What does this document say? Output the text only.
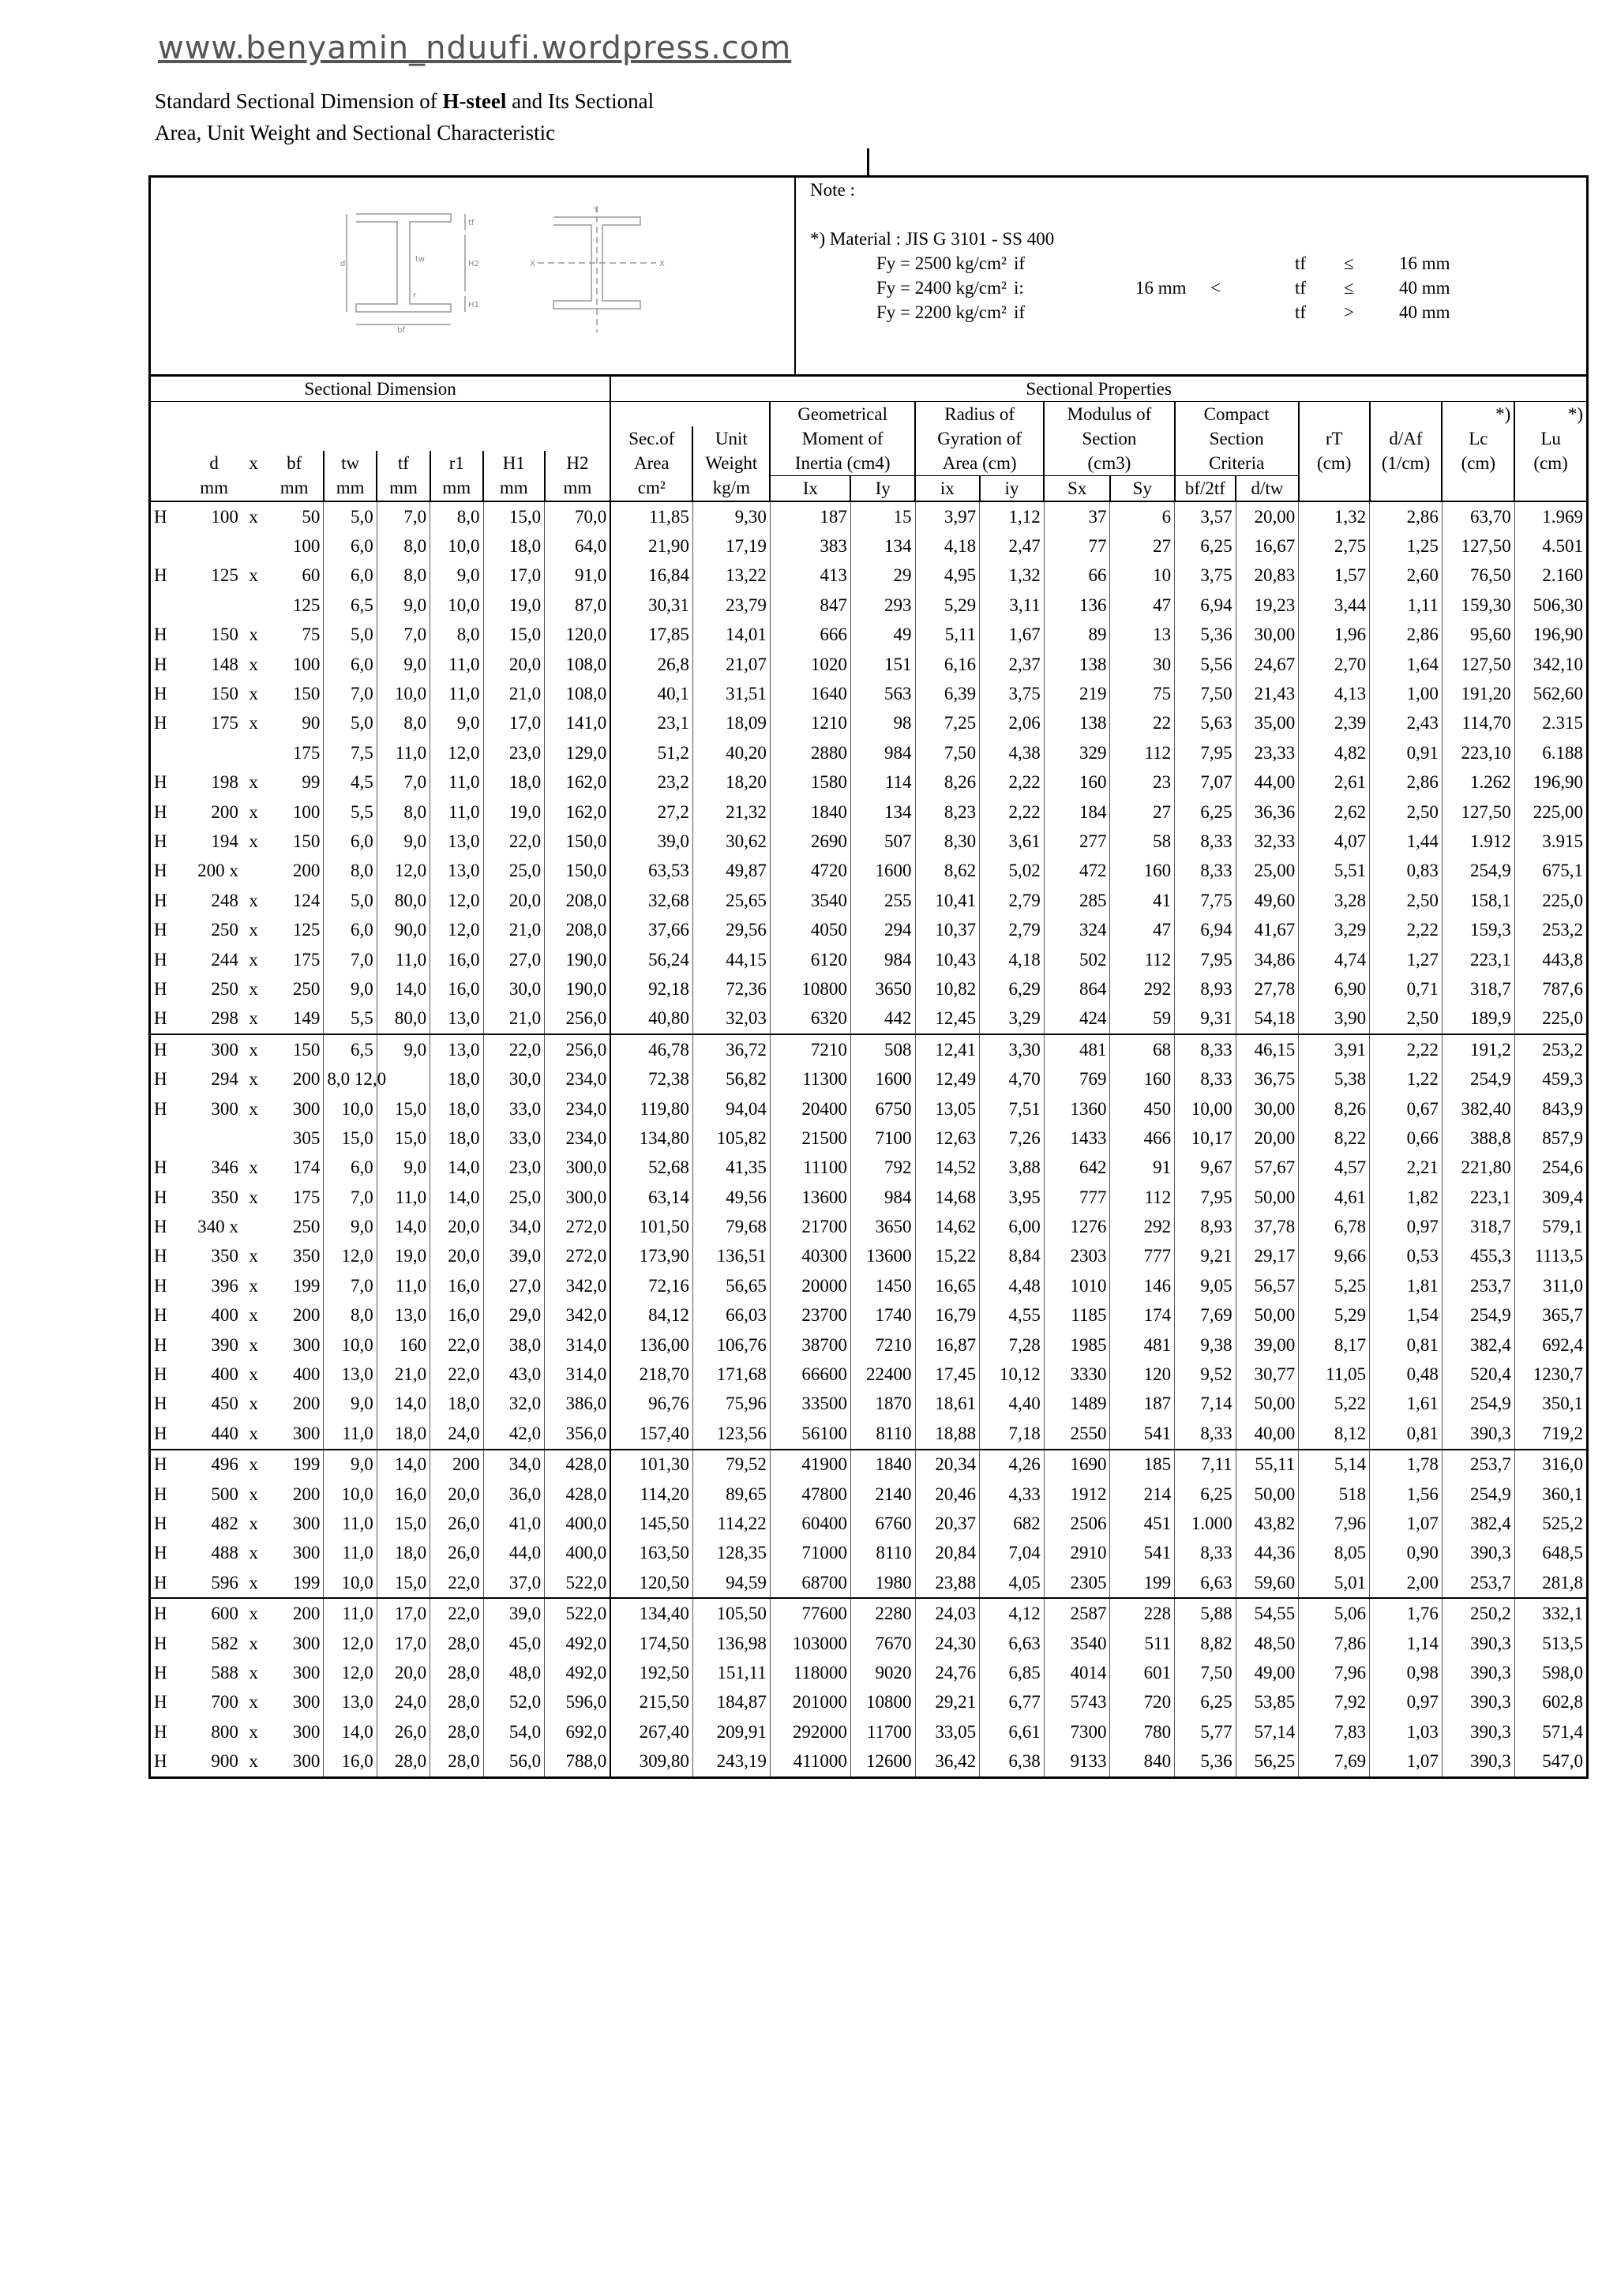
www.benyamin_nduufi.wordpress.com
Standard Sectional Dimension of H-steel and Its Sectional
Area, Unit Weight and Sectional Characteristic
d
tw
bf
tf
H2
H1
r
X	X
Y
Note :
*) Material : JIS G 3101 - SS 400
Fy = 2500 kg/cm² if	tf ≤ 16 mm
Fy = 2400 kg/cm² i:	16 mm <	tf ≤ 40 mm
Fy = 2200 kg/cm² if	tf > 40 mm
Sectional Dimension									Sectional Properties													
											Geometrical		Radius of		Modulus of		Compact				*)	*)
									Sec.of	Unit	Moment of		Gyration of		Section		Section		rT	d/Af	Lc	Lu
	d	x	bf	tw	tf	r1	H1	H2	Area	Weight	Inertia (cm4)		Area (cm)		(cm3)		Criteria		(cm)	(1/cm)	(cm)	(cm)
	mm		mm	mm	mm	mm	mm	mm	cm²	kg/m	Ix	Iy	ix	iy	Sx	Sy	bf/2tf	d/tw				
H	100	x	50	5,0	7,0	8,0	15,0	70,0	11,85	9,30	187	15	3,97	1,12	37	6	3,57	20,00	1,32	2,86	63,70	1.969
			100	6,0	8,0	10,0	18,0	64,0	21,90	17,19	383	134	4,18	2,47	77	27	6,25	16,67	2,75	1,25	127,50	4.501
H	125	x	60	6,0	8,0	9,0	17,0	91,0	16,84	13,22	413	29	4,95	1,32	66	10	3,75	20,83	1,57	2,60	76,50	2.160
			125	6,5	9,0	10,0	19,0	87,0	30,31	23,79	847	293	5,29	3,11	136	47	6,94	19,23	3,44	1,11	159,30	506,30
H	150	x	75	5,0	7,0	8,0	15,0	120,0	17,85	14,01	666	49	5,11	1,67	89	13	5,36	30,00	1,96	2,86	95,60	196,90
H	148	x	100	6,0	9,0	11,0	20,0	108,0	26,8	21,07	1020	151	6,16	2,37	138	30	5,56	24,67	2,70	1,64	127,50	342,10
H	150	x	150	7,0	10,0	11,0	21,0	108,0	40,1	31,51	1640	563	6,39	3,75	219	75	7,50	21,43	4,13	1,00	191,20	562,60
H	175	x	90	5,0	8,0	9,0	17,0	141,0	23,1	18,09	1210	98	7,25	2,06	138	22	5,63	35,00	2,39	2,43	114,70	2.315
			175	7,5	11,0	12,0	23,0	129,0	51,2	40,20	2880	984	7,50	4,38	329	112	7,95	23,33	4,82	0,91	223,10	6.188
H	198	x	99	4,5	7,0	11,0	18,0	162,0	23,2	18,20	1580	114	8,26	2,22	160	23	7,07	44,00	2,61	2,86	1.262	196,90
H	200	x	100	5,5	8,0	11,0	19,0	162,0	27,2	21,32	1840	134	8,23	2,22	184	27	6,25	36,36	2,62	2,50	127,50	225,00
H	194	x	150	6,0	9,0	13,0	22,0	150,0	39,0	30,62	2690	507	8,30	3,61	277	58	8,33	32,33	4,07	1,44	1.912	3.915
H	200 x		200	8,0	12,0	13,0	25,0	150,0	63,53	49,87	4720	1600	8,62	5,02	472	160	8,33	25,00	5,51	0,83	254,9	675,1
H	248	x	124	5,0	80,0	12,0	20,0	208,0	32,68	25,65	3540	255	10,41	2,79	285	41	7,75	49,60	3,28	2,50	158,1	225,0
H	250	x	125	6,0	90,0	12,0	21,0	208,0	37,66	29,56	4050	294	10,37	2,79	324	47	6,94	41,67	3,29	2,22	159,3	253,2
H	244	x	175	7,0	11,0	16,0	27,0	190,0	56,24	44,15	6120	984	10,43	4,18	502	112	7,95	34,86	4,74	1,27	223,1	443,8
H	250	x	250	9,0	14,0	16,0	30,0	190,0	92,18	72,36	10800	3650	10,82	6,29	864	292	8,93	27,78	6,90	0,71	318,7	787,6
H	298	x	149	5,5	80,0	13,0	21,0	256,0	40,80	32,03	6320	442	12,45	3,29	424	59	9,31	54,18	3,90	2,50	189,9	225,0
H	300	x	150	6,5	9,0	13,0	22,0	256,0	46,78	36,72	7210	508	12,41	3,30	481	68	8,33	46,15	3,91	2,22	191,2	253,2
H	294	x	200	8,0 12,0		18,0	30,0	234,0	72,38	56,82	11300	1600	12,49	4,70	769	160	8,33	36,75	5,38	1,22	254,9	459,3
H	300	x	300	10,0	15,0	18,0	33,0	234,0	119,80	94,04	20400	6750	13,05	7,51	1360	450	10,00	30,00	8,26	0,67	382,40	843,9
			305	15,0	15,0	18,0	33,0	234,0	134,80	105,82	21500	7100	12,63	7,26	1433	466	10,17	20,00	8,22	0,66	388,8	857,9
H	346	x	174	6,0	9,0	14,0	23,0	300,0	52,68	41,35	11100	792	14,52	3,88	642	91	9,67	57,67	4,57	2,21	221,80	254,6
H	350	x	175	7,0	11,0	14,0	25,0	300,0	63,14	49,56	13600	984	14,68	3,95	777	112	7,95	50,00	4,61	1,82	223,1	309,4
H	340 x		250	9,0	14,0	20,0	34,0	272,0	101,50	79,68	21700	3650	14,62	6,00	1276	292	8,93	37,78	6,78	0,97	318,7	579,1
H	350	x	350	12,0	19,0	20,0	39,0	272,0	173,90	136,51	40300	13600	15,22	8,84	2303	777	9,21	29,17	9,66	0,53	455,3	1113,5
H	396	x	199	7,0	11,0	16,0	27,0	342,0	72,16	56,65	20000	1450	16,65	4,48	1010	146	9,05	56,57	5,25	1,81	253,7	311,0
H	400	x	200	8,0	13,0	16,0	29,0	342,0	84,12	66,03	23700	1740	16,79	4,55	1185	174	7,69	50,00	5,29	1,54	254,9	365,7
H	390	x	300	10,0	160	22,0	38,0	314,0	136,00	106,76	38700	7210	16,87	7,28	1985	481	9,38	39,00	8,17	0,81	382,4	692,4
H	400	x	400	13,0	21,0	22,0	43,0	314,0	218,70	171,68	66600	22400	17,45	10,12	3330	120	9,52	30,77	11,05	0,48	520,4	1230,7
H	450	x	200	9,0	14,0	18,0	32,0	386,0	96,76	75,96	33500	1870	18,61	4,40	1489	187	7,14	50,00	5,22	1,61	254,9	350,1
H	440	x	300	11,0	18,0	24,0	42,0	356,0	157,40	123,56	56100	8110	18,88	7,18	2550	541	8,33	40,00	8,12	0,81	390,3	719,2
H	496	x	199	9,0	14,0	200	34,0	428,0	101,30	79,52	41900	1840	20,34	4,26	1690	185	7,11	55,11	5,14	1,78	253,7	316,0
H	500	x	200	10,0	16,0	20,0	36,0	428,0	114,20	89,65	47800	2140	20,46	4,33	1912	214	6,25	50,00	518	1,56	254,9	360,1
H	482	x	300	11,0	15,0	26,0	41,0	400,0	145,50	114,22	60400	6760	20,37	682	2506	451	1.000	43,82	7,96	1,07	382,4	525,2
H	488	x	300	11,0	18,0	26,0	44,0	400,0	163,50	128,35	71000	8110	20,84	7,04	2910	541	8,33	44,36	8,05	0,90	390,3	648,5
H	596	x	199	10,0	15,0	22,0	37,0	522,0	120,50	94,59	68700	1980	23,88	4,05	2305	199	6,63	59,60	5,01	2,00	253,7	281,8
H	600	x	200	11,0	17,0	22,0	39,0	522,0	134,40	105,50	77600	2280	24,03	4,12	2587	228	5,88	54,55	5,06	1,76	250,2	332,1
H	582	x	300	12,0	17,0	28,0	45,0	492,0	174,50	136,98	103000	7670	24,30	6,63	3540	511	8,82	48,50	7,86	1,14	390,3	513,5
H	588	x	300	12,0	20,0	28,0	48,0	492,0	192,50	151,11	118000	9020	24,76	6,85	4014	601	7,50	49,00	7,96	0,98	390,3	598,0
H	700	x	300	13,0	24,0	28,0	52,0	596,0	215,50	184,87	201000	10800	29,21	6,77	5743	720	6,25	53,85	7,92	0,97	390,3	602,8
H	800	x	300	14,0	26,0	28,0	54,0	692,0	267,40	209,91	292000	11700	33,05	6,61	7300	780	5,77	57,14	7,83	1,03	390,3	571,4
H	900	x	300	16,0	28,0	28,0	56,0	788,0	309,80	243,19	411000	12600	36,42	6,38	9133	840	5,36	56,25	7,69	1,07	390,3	547,0
